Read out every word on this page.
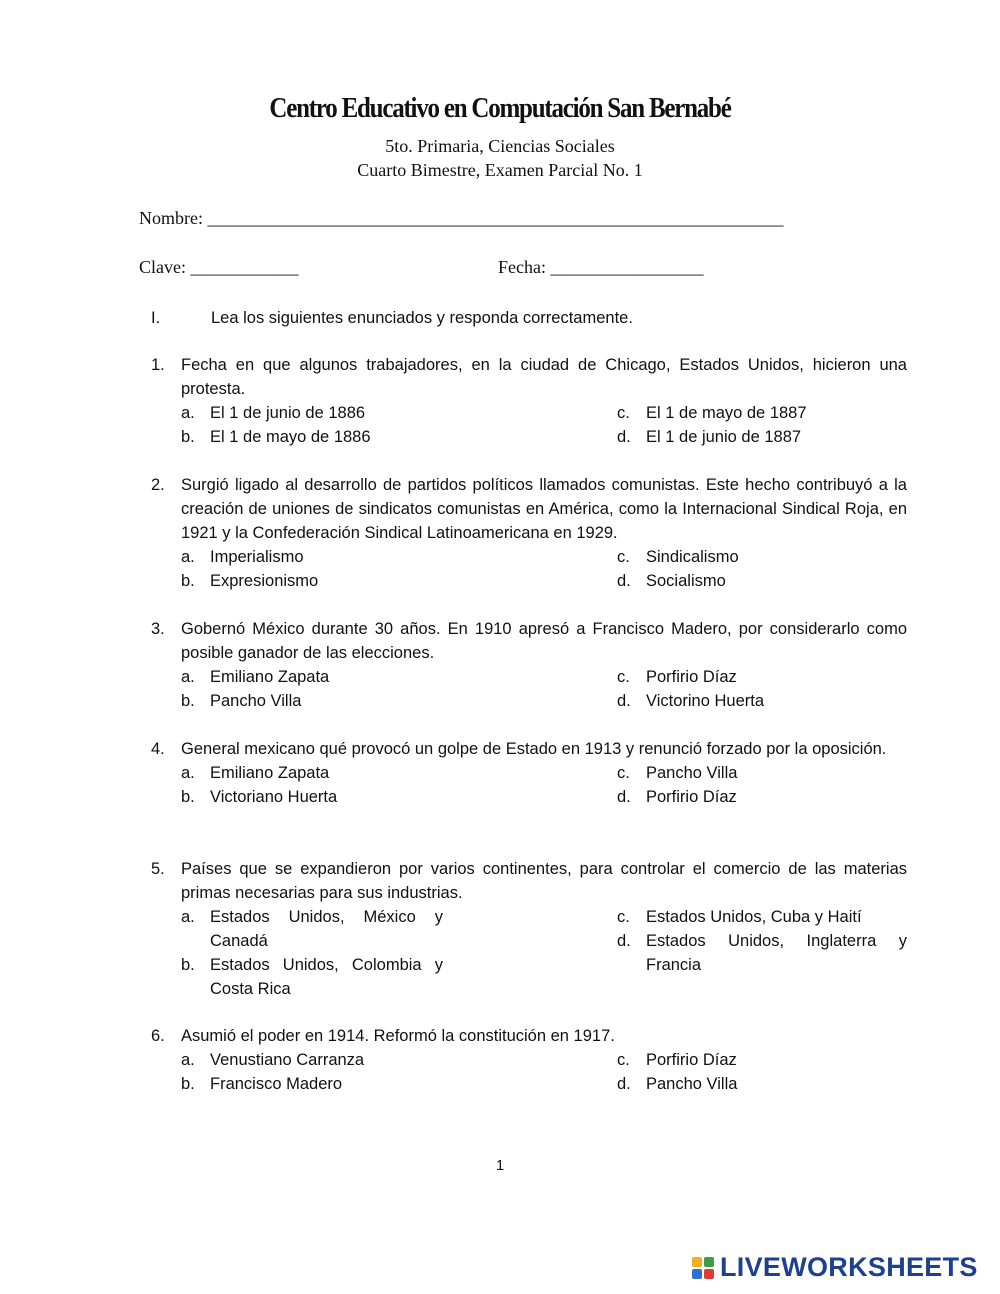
Centro Educativo en Computación San Bernabé
5to. Primaria, Ciencias Sociales
Cuarto Bimestre, Examen Parcial No. 1
Nombre: ________________________________________________________________
Clave: ____________	Fecha: _________________
I.	Lea los siguientes enunciados y responda correctamente.
1. Fecha en que algunos trabajadores, en la ciudad de Chicago, Estados Unidos, hicieron una protesta.
a. El 1 de junio de 1886
b. El 1 de mayo de 1886
c. El 1 de mayo de 1887
d. El 1 de junio de 1887
2. Surgió ligado al desarrollo de partidos políticos llamados comunistas. Este hecho contribuyó a la creación de uniones de sindicatos comunistas en América, como la Internacional Sindical Roja, en 1921 y la Confederación Sindical Latinoamericana en 1929.
a. Imperialismo
b. Expresionismo
c. Sindicalismo
d. Socialismo
3. Gobernó México durante 30 años. En 1910 apresó a Francisco Madero, por considerarlo como posible ganador de las elecciones.
a. Emiliano Zapata
b. Pancho Villa
c. Porfirio Díaz
d. Victorino Huerta
4. General mexicano qué provocó un golpe de Estado en 1913 y renunció forzado por la oposición.
a. Emiliano Zapata
b. Victoriano Huerta
c. Pancho Villa
d. Porfirio Díaz
5. Países que se expandieron por varios continentes, para controlar el comercio de las materias primas necesarias para sus industrias.
a. Estados Unidos, México y Canadá
b. Estados Unidos, Colombia y Costa Rica
c. Estados Unidos, Cuba y Haití
d. Estados Unidos, Inglaterra y Francia
6. Asumió el poder en 1914. Reformó la constitución en 1917.
a. Venustiano Carranza
b. Francisco Madero
c. Porfirio Díaz
d. Pancho Villa
1
LIVEWORKSHEETS
